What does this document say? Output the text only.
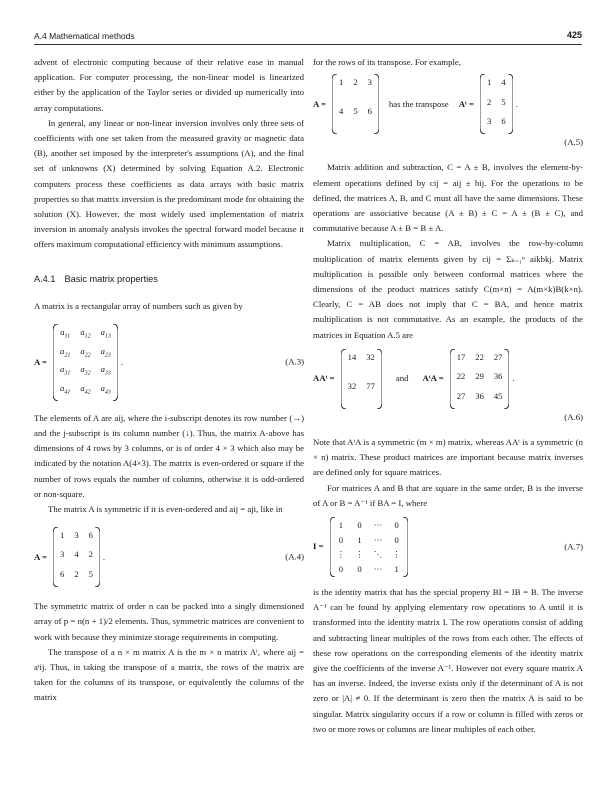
A.4 Mathematical methods	425

advent of electronic computing because of their relative ease in manual application. For computer processing, the non-linear model is linearized either by the application of the Taylor series or divided up numerically into array computations.

In general, any linear or non-linear inversion involves only three sets of coefficients with one set taken from the measured gravity or magnetic data (B), another set imposed by the interpreter's assumptions (A), and the final set of unknowns (X) determined by solving Equation A.2. Electronic computers process these coefficients as data arrays with basic matrix properties so that matrix inversion is the predominant mode for obtaining the solution (X). However, the most widely used implementation of matrix inversion in anomaly analysis invokes the spectral forward model because it offers maximum computational efficiency with minimum assumptions.

A.4.1 Basic matrix properties

A matrix is a rectangular array of numbers such as given by

A =
$a_{11}$ $a_{12}$ $a_{13}$
$a_{21}$ $a_{22}$ $a_{23}$
$a_{31}$ $a_{32}$ $a_{33}$
$a_{41}$ $a_{42}$ $a_{43}$
.	(A.3)

The elements of A are aij, where the i-subscript denotes its row number (→) and the j-subscript is its column number (↓). Thus, the matrix A-above has dimensions of 4 rows by 3 columns, or is of order 4 × 3 which also may be indicated by the notation A(4×3). The matrix is even-ordered or square if the number of rows equals the number of columns, otherwise it is odd-ordered or non-square.

The matrix A is symmetric if it is even-ordered and aij = aji, like in

A =
1 3 6
3 4 2
6 2 5
.	(A.4)

The symmetric matrix of order n can be packed into a singly dimensioned array of p = n(n + 1)/2 elements. Thus, symmetric matrices are convenient to work with because they minimize storage requirements in computing.

The transpose of a n × m matrix A is the m × n matrix Aᵗ, where aij = aᵗij. Thus, in taking the transpose of a matrix, the rows of the matrix are taken for the columns of its transpose, or equivalently the columns of the matrix

for the rows of its transpose. For example,

A =
1 2 3
4 5 6
has the transpose Aᵗ =
1 4
2 5
3 6
.
(A.5)

Matrix addition and subtraction, C = A ± B, involves the element-by-element operations defined by cij = aij ± bij. For the operations to be defined, the matrices A, B, and C must all have the same dimensions. These operations are associative because (A ± B) ± C = A ± (B ± C), and commutative because A ± B = B ± A.

Matrix multiplication, C = AB, involves the row-by-column multiplication of matrix elements given by cij = Σₖ₌₁ⁿ aikbkj. Matrix multiplication is possible only between conformal matrices where the dimensions of the product matrices satisfy C(m×n) = A(m×k)B(k×n). Clearly, C = AB does not imply that C = BA, and hence matrix multiplication is not commutative. As an example, the products of the matrices in Equation A.5 are

AAᵗ =
14 32
32 77
and AᵗA =
17 22 27
22 29 36
27 36 45
.
(A.6)

Note that AᵗA is a symmetric (m × m) matrix, whereas AAᵗ is a symmetric (n × n) matrix. These product matrices are important because matrix inverses are defined only for square matrices.

For matrices A and B that are square in the same order, B is the inverse of A or B = A⁻¹ if BA = I, where

I =
1 0 ··· 0
0 1 ··· 0
⋮ ⋮ ⋱ ⋮
0 0 ··· 1
(A.7)

is the identity matrix that has the special property BI = IB = B. The inverse A⁻¹ can be found by applying elementary row operations to A until it is transformed into the identity matrix I. The row operations consist of adding and subtracting linear multiples of the rows from each other. The effects of these row operations on the corresponding elements of the identity matrix give the coefficients of the inverse A⁻¹. However not every square matrix A has an inverse. Indeed, the inverse exists only if the determinant of A is not zero or |A| ≠ 0. If the determinant is zero then the matrix A is said to be singular. Matrix singularity occurs if a row or column is filled with zeros or two or more rows or columns are linear multiples of each other.
